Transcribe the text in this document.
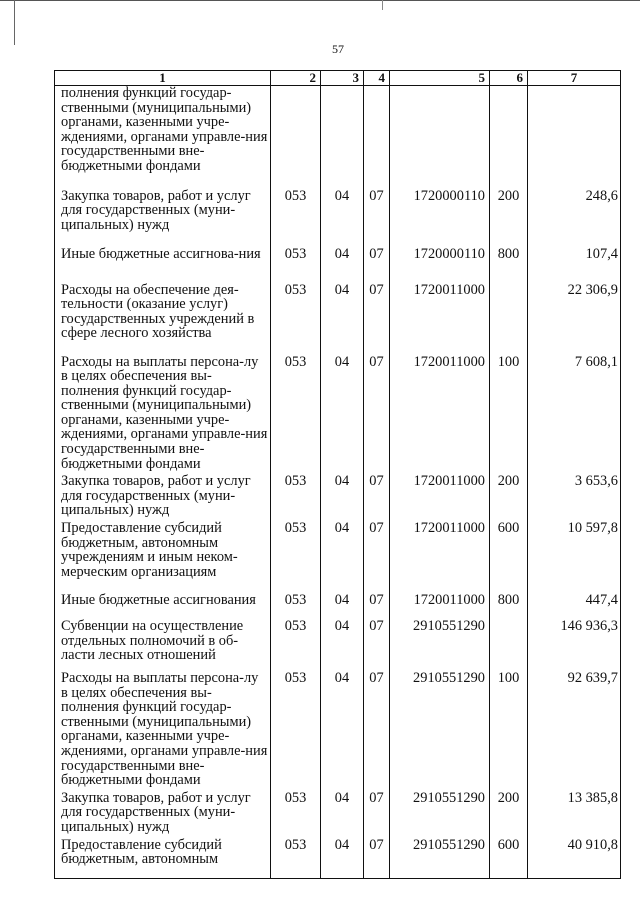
57
1	2	3	4	5	6	7

полнения функций государ-ственными (муниципальными) органами, казенными учре-ждениями, органами управле-ния государственными вне-бюджетными фондами						

Закупка товаров, работ и услуг для государственных (муни-ципальных) нужд	053	04	07	1720000110	200	248,6

Иные бюджетные ассигнова-ния	053	04	07	1720000110	800	107,4

Расходы на обеспечение дея-тельности (оказание услуг) государственных учреждений в сфере лесного хозяйства	053	04	07	1720011000		22 306,9

Расходы на выплаты персона-лу в целях обеспечения вы-полнения функций государ-ственными (муниципальными) органами, казенными учре-ждениями, органами управле-ния государственными вне-бюджетными фондами	053	04	07	1720011000	100	7 608,1

Закупка товаров, работ и услуг для государственных (муни-ципальных) нужд	053	04	07	1720011000	200	3 653,6

Предоставление субсидий бюджетным, автономным учреждениям и иным неком-мерческим организациям	053	04	07	1720011000	600	10 597,8

Иные бюджетные ассигнования	053	04	07	1720011000	800	447,4

Субвенции на осуществление отдельных полномочий в об-ласти лесных отношений	053	04	07	2910551290		146 936,3

Расходы на выплаты персона-лу в целях обеспечения вы-полнения функций государ-ственными (муниципальными) органами, казенными учре-ждениями, органами управле-ния государственными вне-бюджетными фондами	053	04	07	2910551290	100	92 639,7

Закупка товаров, работ и услуг для государственных (муни-ципальных) нужд	053	04	07	2910551290	200	13 385,8

Предоставление субсидий бюджетным, автономным	053	04	07	2910551290	600	40 910,8
